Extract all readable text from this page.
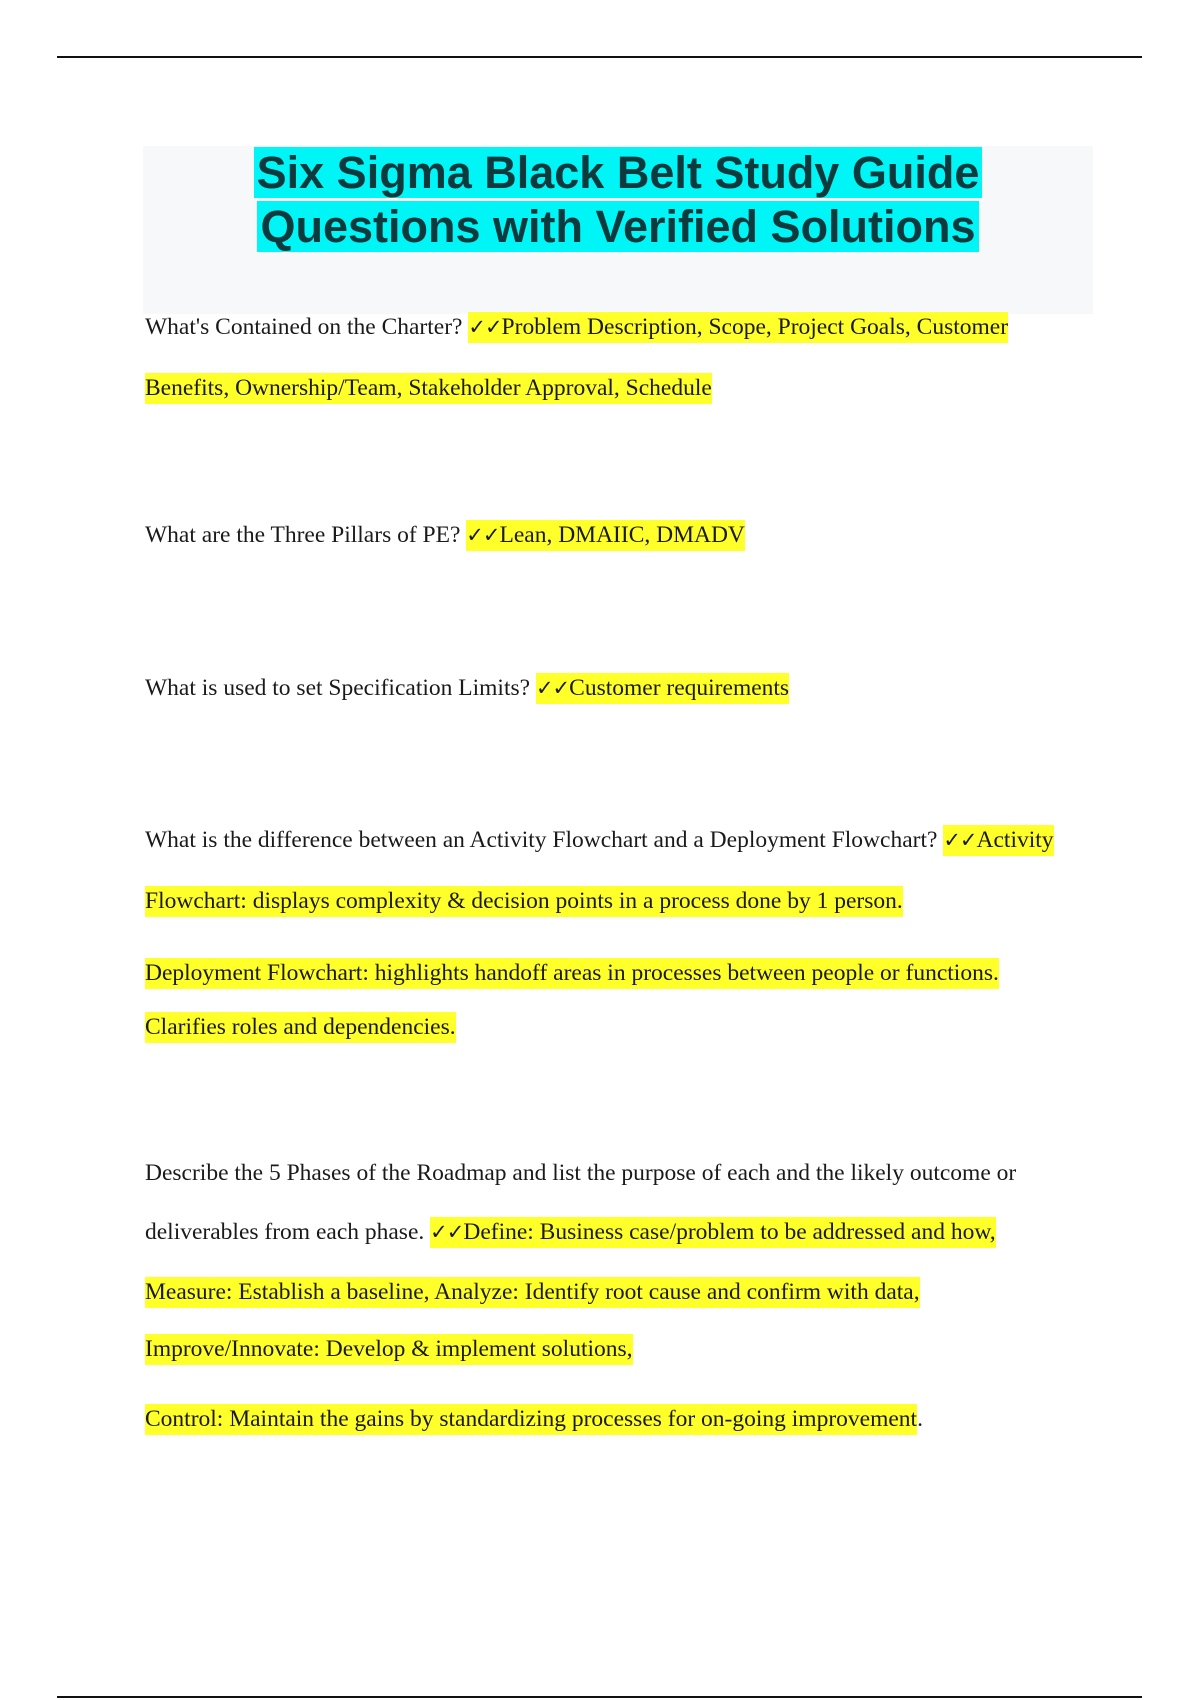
Six Sigma Black Belt Study Guide
Questions with Verified Solutions
What's Contained on the Charter? ✓✓Problem Description, Scope, Project Goals, Customer
Benefits, Ownership/Team, Stakeholder Approval, Schedule
What are the Three Pillars of PE? ✓✓Lean, DMAIIC, DMADV
What is used to set Specification Limits? ✓✓Customer requirements
What is the difference between an Activity Flowchart and a Deployment Flowchart? ✓✓Activity
Flowchart: displays complexity & decision points in a process done by 1 person.
Deployment Flowchart: highlights handoff areas in processes between people or functions.
Clarifies roles and dependencies.
Describe the 5 Phases of the Roadmap and list the purpose of each and the likely outcome or
deliverables from each phase. ✓✓Define: Business case/problem to be addressed and how,
Measure: Establish a baseline, Analyze: Identify root cause and confirm with data,
Improve/Innovate: Develop & implement solutions,
Control: Maintain the gains by standardizing processes for on-going improvement.
